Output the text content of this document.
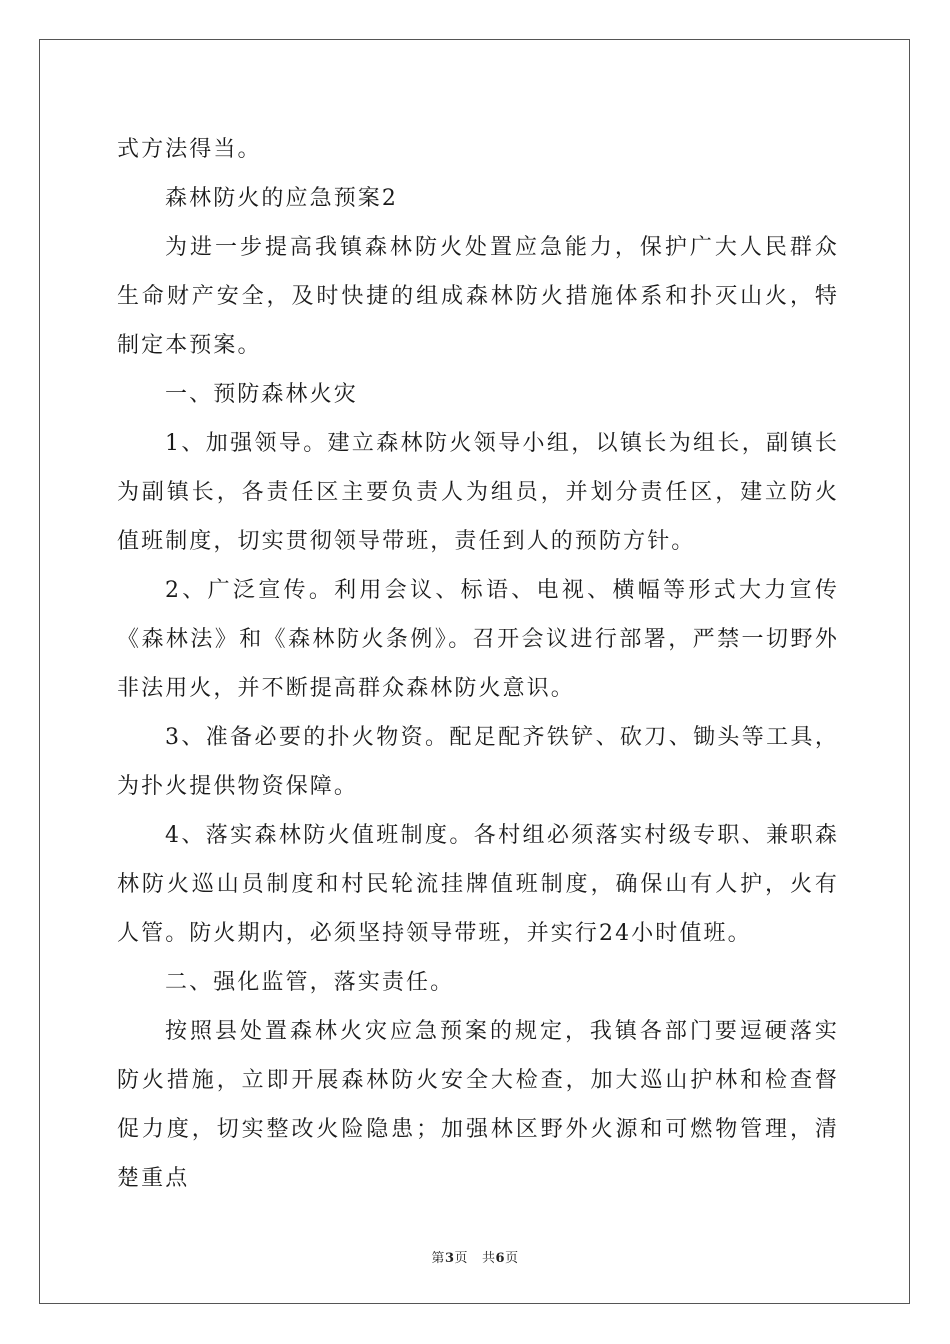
式方法得当。

森林防火的应急预案2

为进一步提高我镇森林防火处置应急能力，保护广大人民群众生命财产安全，及时快捷的组成森林防火措施体系和扑灭山火，特制定本预案。

一、预防森林火灾

1、加强领导。建立森林防火领导小组，以镇长为组长，副镇长为副镇长，各责任区主要负责人为组员，并划分责任区，建立防火值班制度，切实贯彻领导带班，责任到人的预防方针。

2、广泛宣传。利用会议、标语、电视、横幅等形式大力宣传《森林法》和《森林防火条例》。召开会议进行部署，严禁一切野外非法用火，并不断提高群众森林防火意识。

3、准备必要的扑火物资。配足配齐铁铲、砍刀、锄头等工具，为扑火提供物资保障。

4、落实森林防火值班制度。各村组必须落实村级专职、兼职森林防火巡山员制度和村民轮流挂牌值班制度，确保山有人护，火有人管。防火期内，必须坚持领导带班，并实行24小时值班。

二、强化监管，落实责任。

按照县处置森林火灾应急预案的规定，我镇各部门要逗硬落实防火措施，立即开展森林防火安全大检查，加大巡山护林和检查督促力度，切实整改火险隐患；加强林区野外火源和可燃物管理，清楚重点

第3页 共6页
